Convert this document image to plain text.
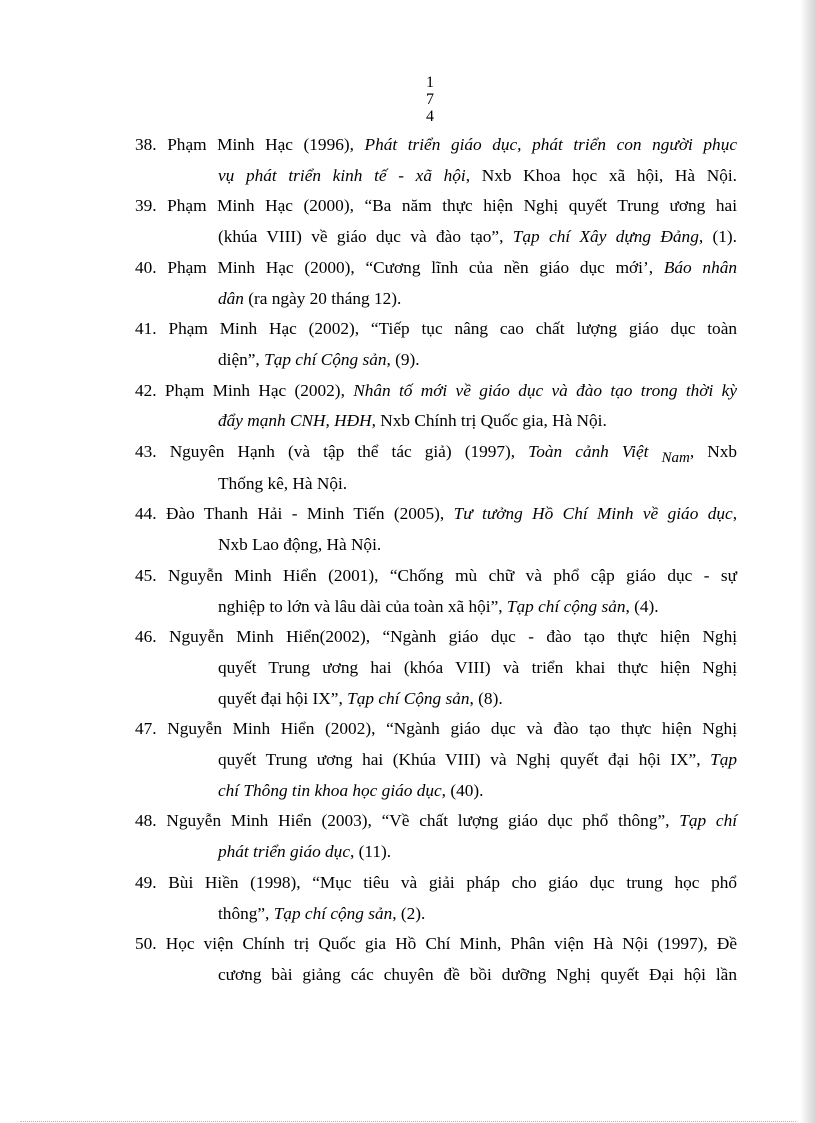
1
7
4
38. Phạm Minh Hạc (1996), Phát triển giáo dục, phát triển con người phục
vụ phát triển kinh tế - xã hội, Nxb Khoa học xã hội, Hà Nội.
39. Phạm Minh Hạc (2000), “Ba năm thực hiện Nghị quyết Trung ương hai
(khúa VIII) về giáo dục và đào tạo”, Tạp chí Xây dựng Đảng, (1).
40. Phạm Minh Hạc (2000), “Cương lĩnh của nền giáo dục mới’, Báo nhân
dân (ra ngày 20 tháng 12).
41. Phạm Minh Hạc (2002), “Tiếp tục nâng cao chất lượng giáo dục toàn
diện”, Tạp chí Cộng sản, (9).
42. Phạm Minh Hạc (2002), Nhân tố mới về giáo dục và đào tạo trong thời kỳ
đẩy mạnh CNH, HĐH, Nxb Chính trị Quốc gia, Hà Nội.
43. Nguyên Hạnh (và tập thể tác giả) (1997), Toàn cảnh Việt Nam, Nxb
Thống kê, Hà Nội.
44. Đào Thanh Hải - Minh Tiến (2005), Tư tưởng Hồ Chí Minh về giáo dục,
Nxb Lao động, Hà Nội.
45. Nguyễn Minh Hiển (2001), “Chống mù chữ và phổ cập giáo dục - sự
nghiệp to lớn và lâu dài của toàn xã hội”, Tạp chí cộng sản, (4).
46. Nguyễn Minh Hiển(2002), “Ngành giáo dục - đào tạo thực hiện Nghị
quyết Trung ương hai (khóa VIII) và triển khai thực hiện Nghị
quyết đại hội IX”, Tạp chí Cộng sản, (8).
47. Nguyễn Minh Hiển (2002), “Ngành giáo dục và đào tạo thực hiện Nghị
quyết Trung ương hai (Khúa VIII) và Nghị quyết đại hội IX”, Tạp
chí Thông tin khoa học giáo dục, (40).
48. Nguyễn Minh Hiển (2003), “Về chất lượng giáo dục phổ thông”, Tạp chí
phát triển giáo dục, (11).
49. Bùi Hiền (1998), “Mục tiêu và giải pháp cho giáo dục trung học phổ
thông”, Tạp chí cộng sản, (2).
50. Học viện Chính trị Quốc gia Hồ Chí Minh, Phân viện Hà Nội (1997), Đề
cương bài giảng các chuyên đề bồi dưỡng Nghị quyết Đại hội lần
